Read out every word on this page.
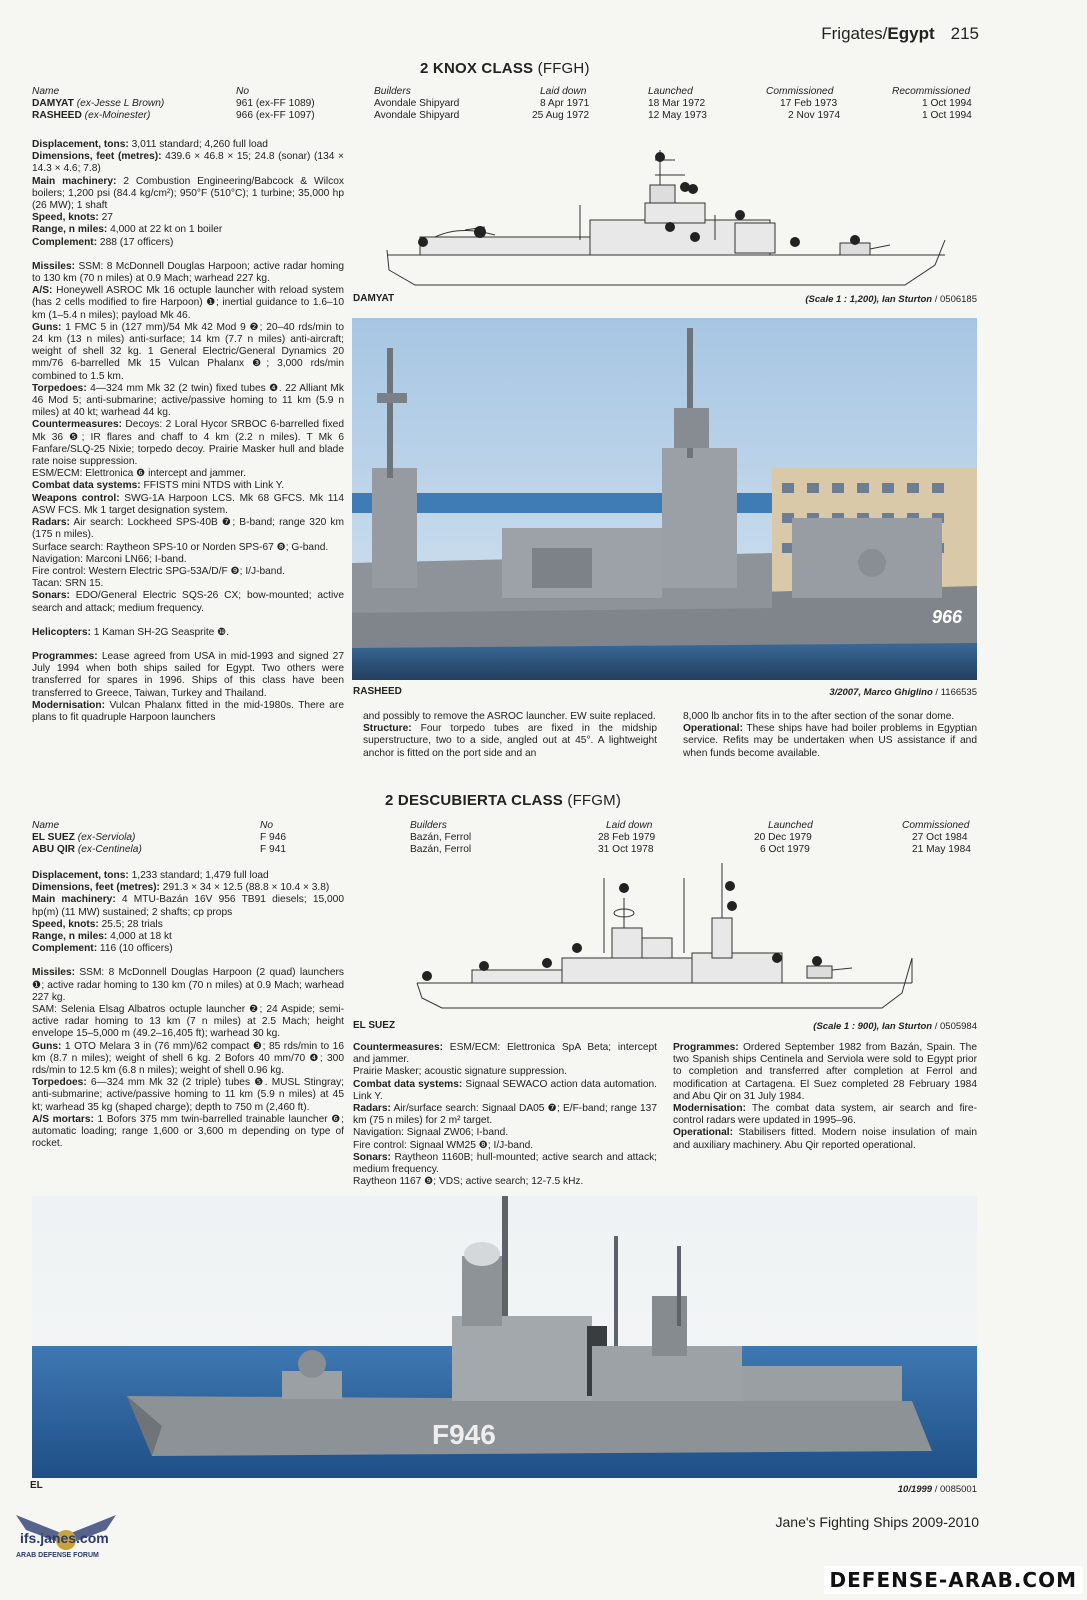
Frigates/Egypt 215
2 KNOX CLASS (FFGH)
Name	No	Builders	Laid down	Launched	Commissioned	Recommissioned
DAMYAT (ex-Jesse L Brown)	961 (ex-FF 1089)	Avondale Shipyard	8 Apr 1971	18 Mar 1972	17 Feb 1973	1 Oct 1994
RASHEED (ex-Moinester)	966 (ex-FF 1097)	Avondale Shipyard	25 Aug 1972	12 May 1973	2 Nov 1974	1 Oct 1994

Displacement, tons: 3,011 standard; 4,260 full load

Dimensions, feet (metres): 439.6 × 46.8 × 15; 24.8 (sonar) (134 × 14.3 × 4.6; 7.8)

Main machinery: 2 Combustion Engineering/Babcock & Wilcox boilers; 1,200 psi (84.4 kg/cm²); 950°F (510°C); 1 turbine; 35,000 hp (26 MW); 1 shaft

Speed, knots: 27

Range, n miles: 4,000 at 22 kt on 1 boiler

Complement: 288 (17 officers)

Missiles: SSM: 8 McDonnell Douglas Harpoon; active radar homing to 130 km (70 n miles) at 0.9 Mach; warhead 227 kg.

A/S: Honeywell ASROC Mk 16 octuple launcher with reload system (has 2 cells modified to fire Harpoon) ❶; inertial guidance to 1.6–10 km (1–5.4 n miles); payload Mk 46.

Guns: 1 FMC 5 in (127 mm)/54 Mk 42 Mod 9 ❷; 20–40 rds/min to 24 km (13 n miles) anti-surface; 14 km (7.7 n miles) anti-aircraft; weight of shell 32 kg. 1 General Electric/General Dynamics 20 mm/76 6-barrelled Mk 15 Vulcan Phalanx ❸; 3,000 rds/min combined to 1.5 km.

Torpedoes: 4—324 mm Mk 32 (2 twin) fixed tubes ❹. 22 Alliant Mk 46 Mod 5; anti-submarine; active/passive homing to 11 km (5.9 n miles) at 40 kt; warhead 44 kg.

Countermeasures: Decoys: 2 Loral Hycor SRBOC 6-barrelled fixed Mk 36 ❺; IR flares and chaff to 4 km (2.2 n miles). T Mk 6 Fanfare/SLQ-25 Nixie; torpedo decoy. Prairie Masker hull and blade rate noise suppression.

ESM/ECM: Elettronica ❻ intercept and jammer.

Combat data systems: FFISTS mini NTDS with Link Y.

Weapons control: SWG-1A Harpoon LCS. Mk 68 GFCS. Mk 114 ASW FCS. Mk 1 target designation system.

Radars: Air search: Lockheed SPS-40B ❼; B-band; range 320 km (175 n miles).

Surface search: Raytheon SPS-10 or Norden SPS-67 ❽; G-band.

Navigation: Marconi LN66; I-band.

Fire control: Western Electric SPG-53A/D/F ❾; I/J-band.

Tacan: SRN 15.

Sonars: EDO/General Electric SQS-26 CX; bow-mounted; active search and attack; medium frequency.

Helicopters: 1 Kaman SH-2G Seasprite ❿.

Programmes: Lease agreed from USA in mid-1993 and signed 27 July 1994 when both ships sailed for Egypt. Two others were transferred for spares in 1996. Ships of this class have been transferred to Greece, Taiwan, Turkey and Thailand.

Modernisation: Vulcan Phalanx fitted in the mid-1980s. There are plans to fit quadruple Harpoon launchers

DAMYAT	(Scale 1 : 1,200), Ian Sturton / 0506185
966
RASHEED	3/2007, Marco Ghiglino / 1166535
and possibly to remove the ASROC launcher. EW suite replaced.
Structure: Four torpedo tubes are fixed in the midship superstructure, two to a side, angled out at 45°. A lightweight anchor is fitted on the port side and an
8,000 lb anchor fits in to the after section of the sonar dome.
Operational: These ships have had boiler problems in Egyptian service. Refits may be undertaken when US assistance if and when funds become available.
2 DESCUBIERTA CLASS (FFGM)
Name	No	Builders	Laid down	Launched	Commissioned
EL SUEZ (ex-Serviola)	F 946	Bazán, Ferrol	28 Feb 1979	20 Dec 1979	27 Oct 1984
ABU QIR (ex-Centinela)	F 941	Bazán, Ferrol	31 Oct 1978	6 Oct 1979	21 May 1984

Displacement, tons: 1,233 standard; 1,479 full load

Dimensions, feet (metres): 291.3 × 34 × 12.5 (88.8 × 10.4 × 3.8)

Main machinery: 4 MTU-Bazán 16V 956 TB91 diesels; 15,000 hp(m) (11 MW) sustained; 2 shafts; cp props

Speed, knots: 25.5; 28 trials

Range, n miles: 4,000 at 18 kt

Complement: 116 (10 officers)

Missiles: SSM: 8 McDonnell Douglas Harpoon (2 quad) launchers ❶; active radar homing to 130 km (70 n miles) at 0.9 Mach; warhead 227 kg.

SAM: Selenia Elsag Albatros octuple launcher ❷; 24 Aspide; semi-active radar homing to 13 km (7 n miles) at 2.5 Mach; height envelope 15–5,000 m (49.2–16,405 ft); warhead 30 kg.

Guns: 1 OTO Melara 3 in (76 mm)/62 compact ❸; 85 rds/min to 16 km (8.7 n miles); weight of shell 6 kg. 2 Bofors 40 mm/70 ❹; 300 rds/min to 12.5 km (6.8 n miles); weight of shell 0.96 kg.

Torpedoes: 6—324 mm Mk 32 (2 triple) tubes ❺. MUSL Stingray; anti-submarine; active/passive homing to 11 km (5.9 n miles) at 45 kt; warhead 35 kg (shaped charge); depth to 750 m (2,460 ft).

A/S mortars: 1 Bofors 375 mm twin-barrelled trainable launcher ❻; automatic loading; range 1,600 or 3,600 m depending on type of rocket.

EL SUEZ	(Scale 1 : 900), Ian Sturton / 0505984

Countermeasures: ESM/ECM: Elettronica SpA Beta; intercept and jammer.

Prairie Masker; acoustic signature suppression.

Combat data systems: Signaal SEWACO action data automation. Link Y.

Radars: Air/surface search: Signaal DA05 ❼; E/F-band; range 137 km (75 n miles) for 2 m² target.

Navigation: Signaal ZW06; I-band.

Fire control: Signaal WM25 ❽; I/J-band.

Sonars: Raytheon 1160B; hull-mounted; active search and attack; medium frequency.

Raytheon 1167 ❾; VDS; active search; 12-7.5 kHz.

Programmes: Ordered September 1982 from Bazán, Spain. The two Spanish ships Centinela and Serviola were sold to Egypt prior to completion and transferred after completion at Ferrol and modification at Cartagena. El Suez completed 28 February 1984 and Abu Qir on 31 July 1984.

Modernisation: The combat data system, air search and fire-control radars were updated in 1995–96.

Operational: Stabilisers fitted. Modern noise insulation of main and auxiliary machinery. Abu Qir reported operational.

F946
EL	10/1999 / 0085001
Jane's Fighting Ships 2009-2010
ifs.janes.com
ARAB DEFENSE FORUM
DEFENSE-ARAB.COM
